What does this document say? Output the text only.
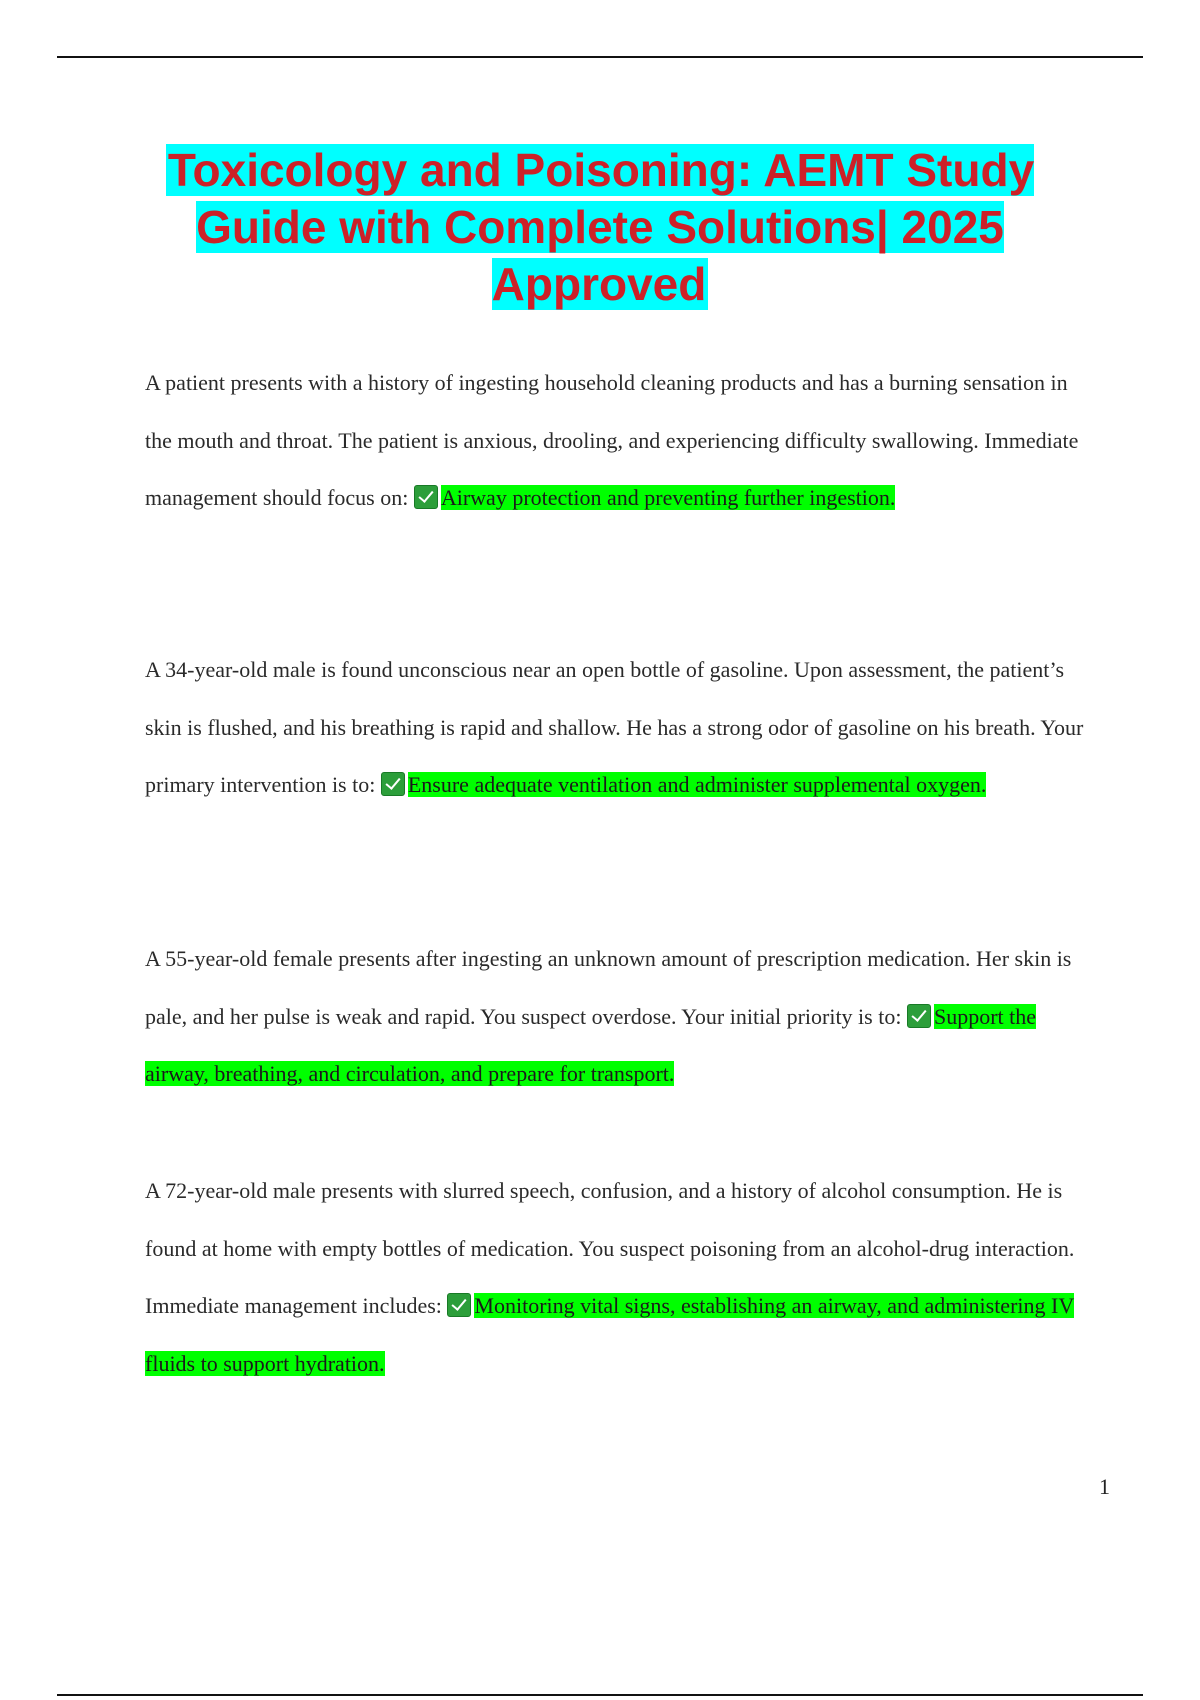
Toxicology and Poisoning: AEMT Study Guide with Complete Solutions| 2025 Approved

A patient presents with a history of ingesting household cleaning products and has a burning sensation in the mouth and throat. The patient is anxious, drooling, and experiencing difficulty swallowing. Immediate management should focus on: Airway protection and preventing further ingestion.

A 34-year-old male is found unconscious near an open bottle of gasoline. Upon assessment, the patient’s skin is flushed, and his breathing is rapid and shallow. He has a strong odor of gasoline on his breath. Your primary intervention is to: Ensure adequate ventilation and administer supplemental oxygen.

A 55-year-old female presents after ingesting an unknown amount of prescription medication. Her skin is pale, and her pulse is weak and rapid. You suspect overdose. Your initial priority is to: Support the airway, breathing, and circulation, and prepare for transport.

A 72-year-old male presents with slurred speech, confusion, and a history of alcohol consumption. He is found at home with empty bottles of medication. You suspect poisoning from an alcohol-drug interaction. Immediate management includes: Monitoring vital signs, establishing an airway, and administering IV fluids to support hydration.

1
